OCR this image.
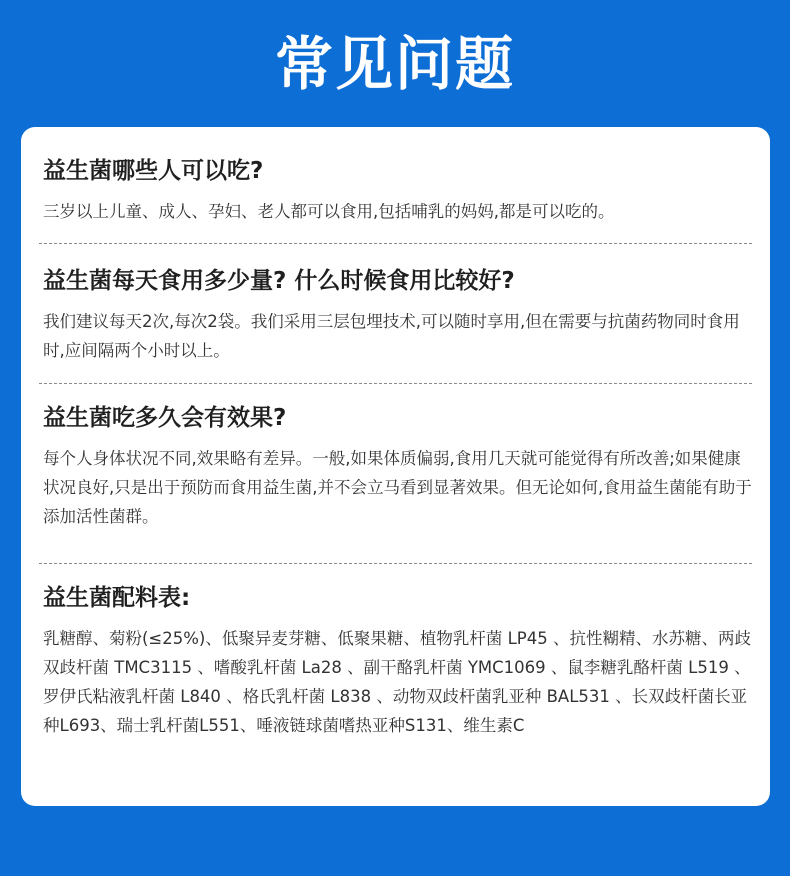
常见问题
益生菌哪些人可以吃?

三岁以上儿童、成人、孕妇、老人都可以食用,包括哺乳的妈妈,都是可以吃的。

益生菌每天食用多少量? 什么时候食用比较好?

我们建议每天2次,每次2袋。我们采用三层包埋技术,可以随时享用,但在需要与抗菌药物同时食用时,应间隔两个小时以上。

益生菌吃多久会有效果?

每个人身体状况不同,效果略有差异。一般,如果体质偏弱,食用几天就可能觉得有所改善;如果健康状况良好,只是出于预防而食用益生菌,并不会立马看到显著效果。但无论如何,食用益生菌能有助于添加活性菌群。

益生菌配料表:

乳糖醇、菊粉(≤25%)、低聚异麦芽糖、低聚果糖、植物乳杆菌 LP45 、抗性糊精、水苏糖、两歧双歧杆菌 TMC3115 、嗜酸乳杆菌 La28 、副干酪乳杆菌 YMC1069 、鼠李糖乳酪杆菌 L519 、罗伊氏粘液乳杆菌 L840 、格氏乳杆菌 L838 、动物双歧杆菌乳亚种 BAL531 、长双歧杆菌长亚种L693、瑞士乳杆菌L551、唾液链球菌嗜热亚种S131、维生素C
